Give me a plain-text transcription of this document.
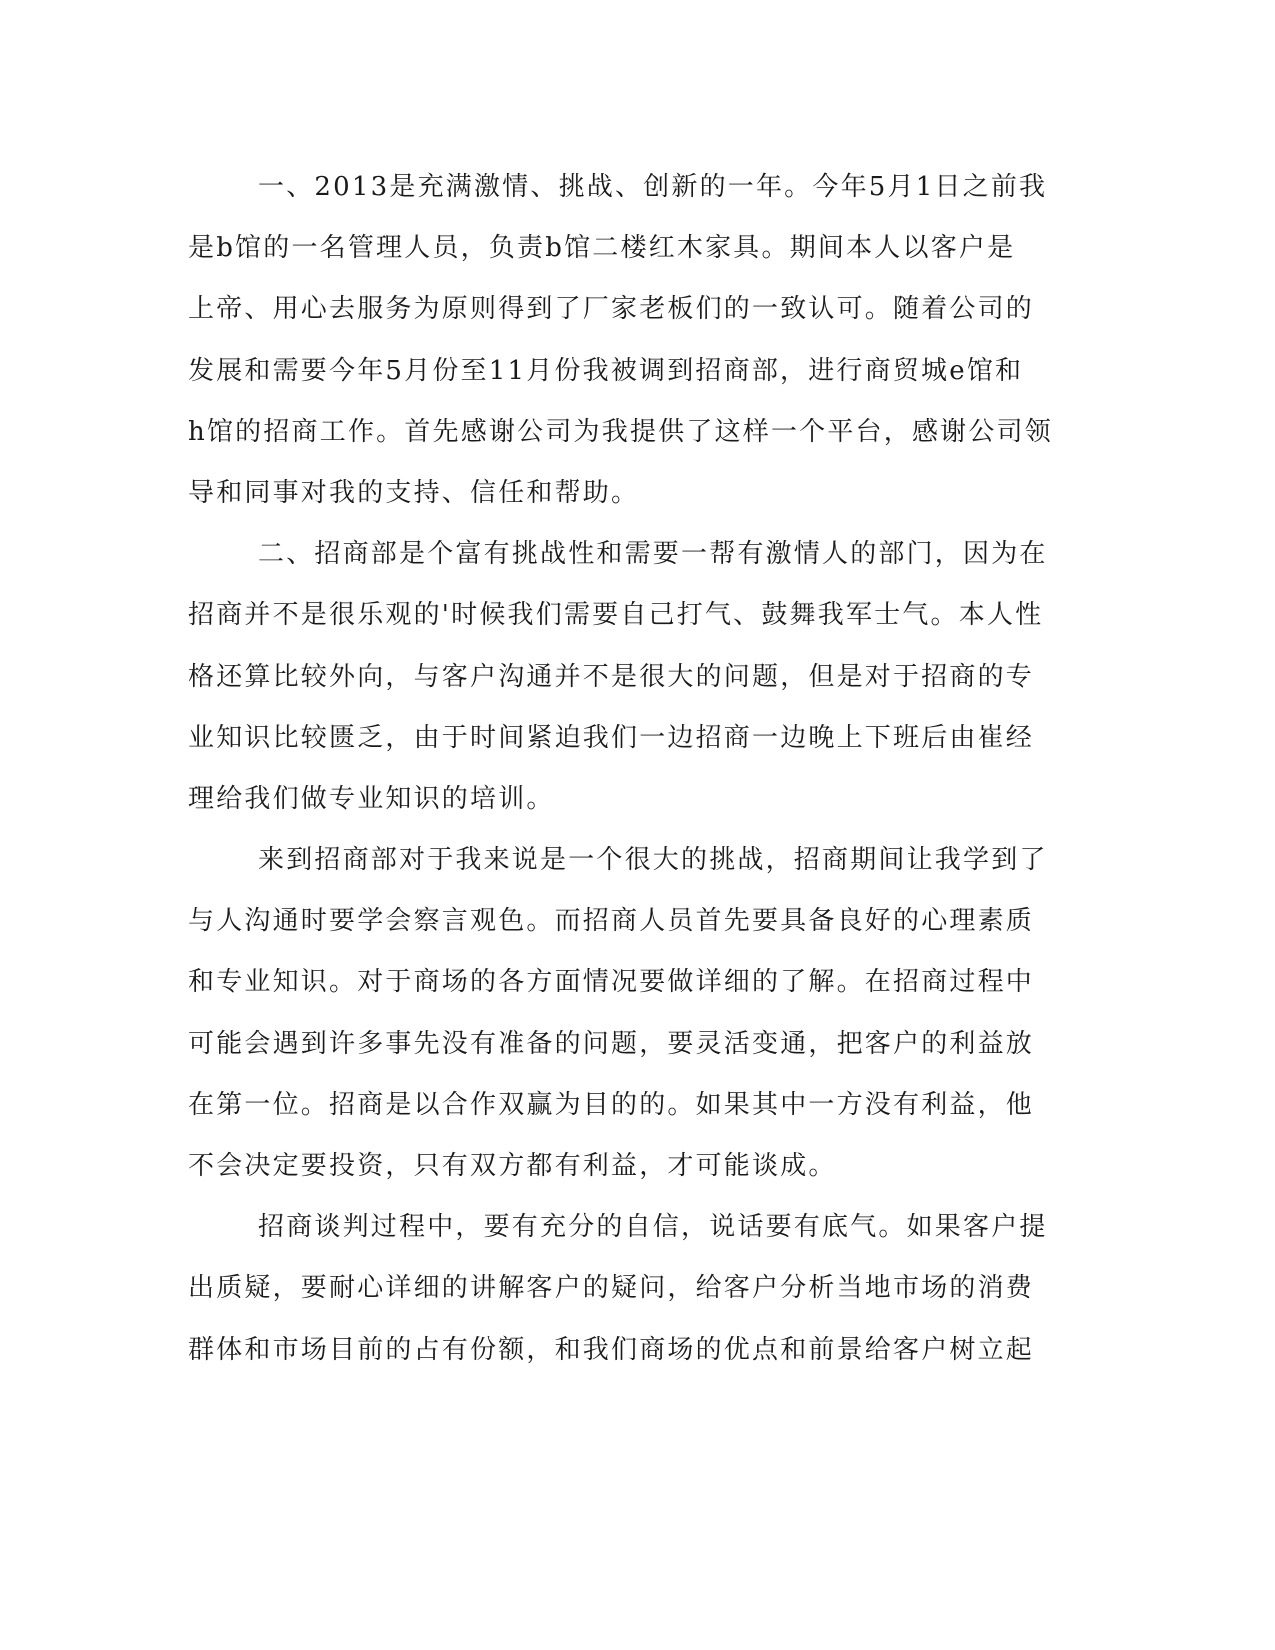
一、2013是充满激情、挑战、创新的一年。今年5月1日之前我
是b馆的一名管理人员，负责b馆二楼红木家具。期间本人以客户是
上帝、用心去服务为原则得到了厂家老板们的一致认可。随着公司的
发展和需要今年5月份至11月份我被调到招商部，进行商贸城e馆和
h馆的招商工作。首先感谢公司为我提供了这样一个平台，感谢公司领
导和同事对我的支持、信任和帮助。
二、招商部是个富有挑战性和需要一帮有激情人的部门，因为在
招商并不是很乐观的'时候我们需要自己打气、鼓舞我军士气。本人性
格还算比较外向，与客户沟通并不是很大的问题，但是对于招商的专
业知识比较匮乏，由于时间紧迫我们一边招商一边晚上下班后由崔经
理给我们做专业知识的培训。
来到招商部对于我来说是一个很大的挑战，招商期间让我学到了
与人沟通时要学会察言观色。而招商人员首先要具备良好的心理素质
和专业知识。对于商场的各方面情况要做详细的了解。在招商过程中
可能会遇到许多事先没有准备的问题，要灵活变通，把客户的利益放
在第一位。招商是以合作双赢为目的的。如果其中一方没有利益，他
不会决定要投资，只有双方都有利益，才可能谈成。
招商谈判过程中，要有充分的自信，说话要有底气。如果客户提
出质疑，要耐心详细的讲解客户的疑问，给客户分析当地市场的消费
群体和市场目前的占有份额，和我们商场的优点和前景给客户树立起
